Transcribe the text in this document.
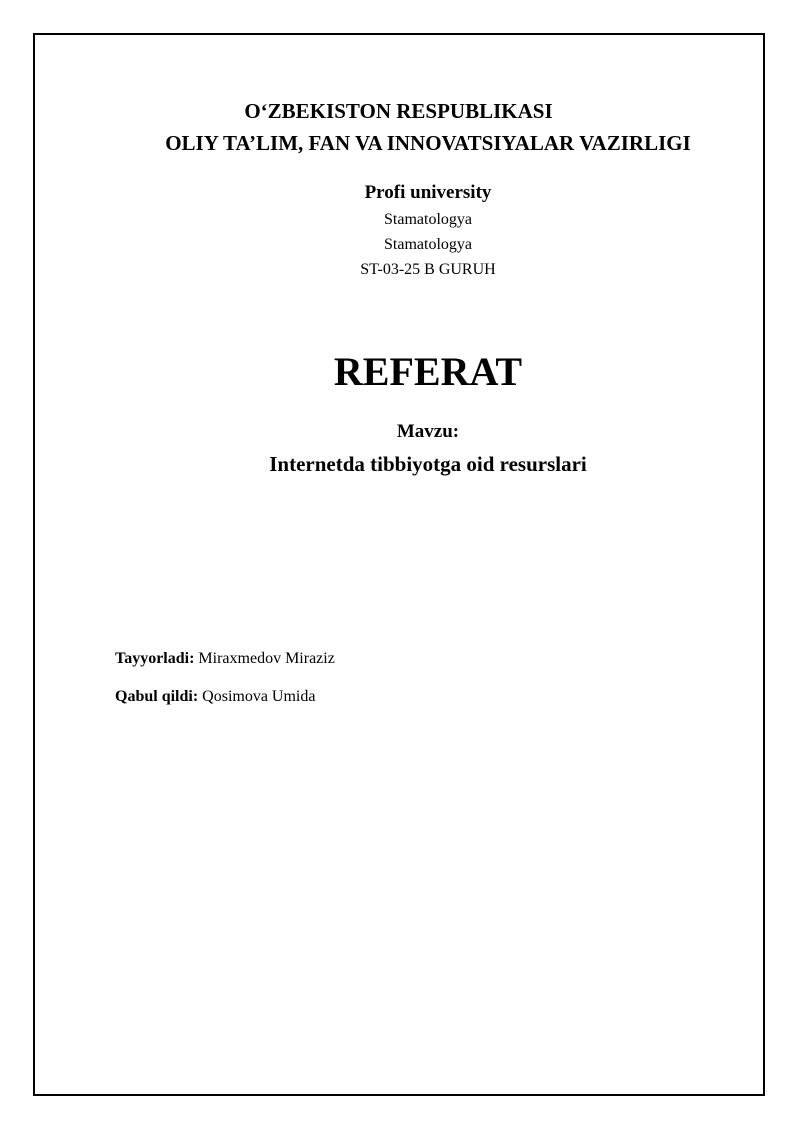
O‘ZBEKISTON RESPUBLIKASI
OLIY TA’LIM, FAN VA INNOVATSIYALAR VAZIRLIGI
Profi university
Stamatologya
Stamatologya
ST-03-25 B GURUH
REFERAT
Mavzu:
Internetda tibbiyotga oid resurslari
Tayyorladi: Miraxmedov Miraziz
Qabul qildi: Qosimova Umida
